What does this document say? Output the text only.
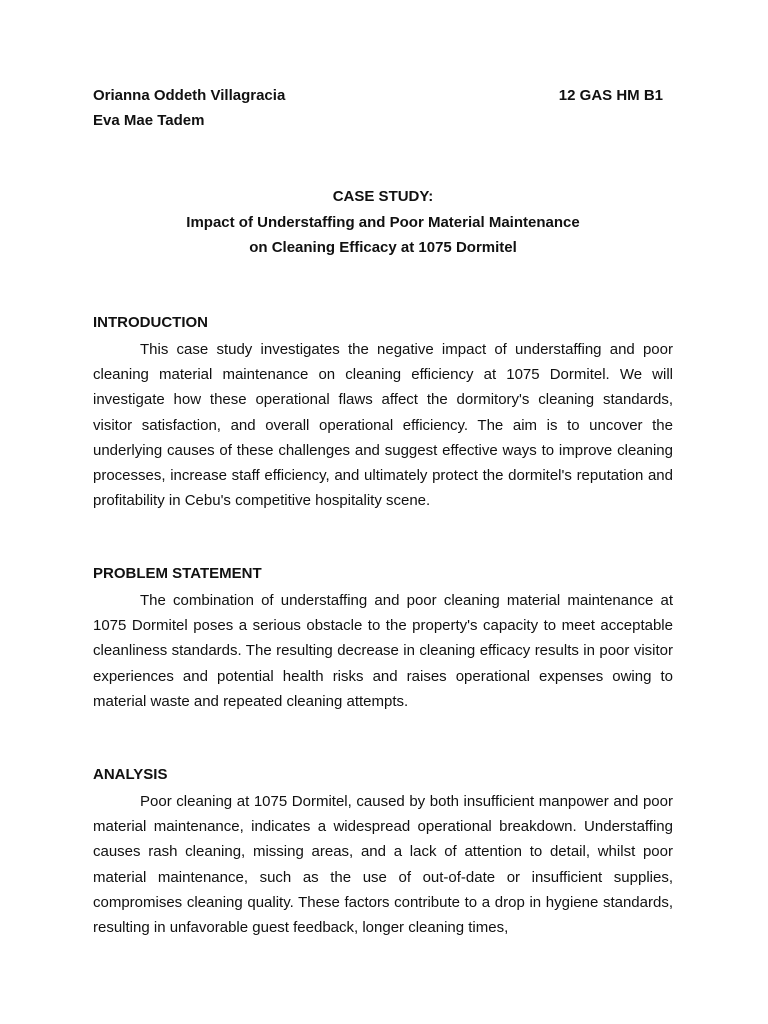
Orianna Oddeth Villagracia	12 GAS HM B1
Eva Mae Tadem
CASE STUDY:
Impact of Understaffing and Poor Material Maintenance
on Cleaning Efficacy at 1075 Dormitel
INTRODUCTION

This case study investigates the negative impact of understaffing and poor cleaning material maintenance on cleaning efficiency at 1075 Dormitel. We will investigate how these operational flaws affect the dormitory's cleaning standards, visitor satisfaction, and overall operational efficiency. The aim is to uncover the underlying causes of these challenges and suggest effective ways to improve cleaning processes, increase staff efficiency, and ultimately protect the dormitel's reputation and profitability in Cebu's competitive hospitality scene.

PROBLEM STATEMENT

The combination of understaffing and poor cleaning material maintenance at 1075 Dormitel poses a serious obstacle to the property's capacity to meet acceptable cleanliness standards. The resulting decrease in cleaning efficacy results in poor visitor experiences and potential health risks and raises operational expenses owing to material waste and repeated cleaning attempts.

ANALYSIS

Poor cleaning at 1075 Dormitel, caused by both insufficient manpower and poor material maintenance, indicates a widespread operational breakdown. Understaffing causes rash cleaning, missing areas, and a lack of attention to detail, whilst poor material maintenance, such as the use of out-of-date or insufficient supplies, compromises cleaning quality. These factors contribute to a drop in hygiene standards, resulting in unfavorable guest feedback, longer cleaning times,
